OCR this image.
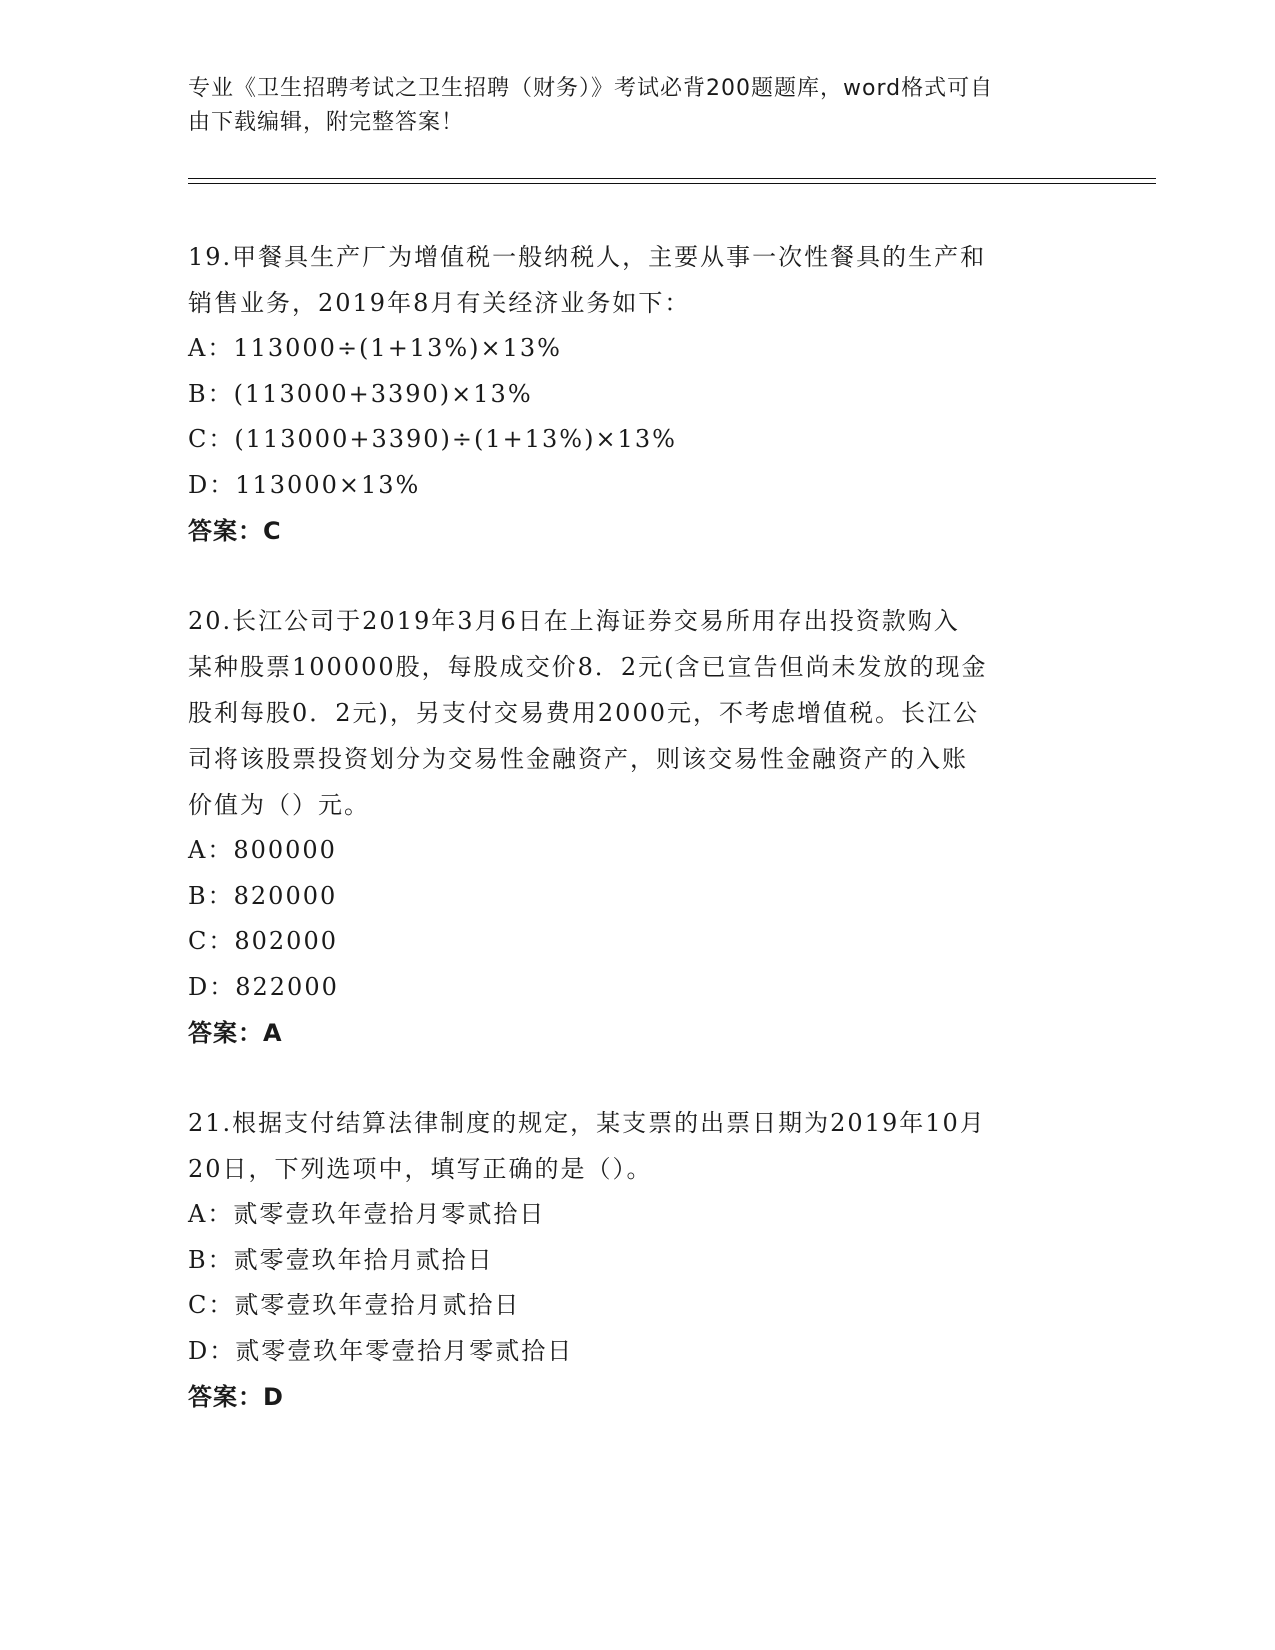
专业《卫生招聘考试之卫生招聘（财务）》考试必背200题题库，word格式可自
由下载编辑，附完整答案！
19.甲餐具生产厂为增值税一般纳税人，主要从事一次性餐具的生产和
销售业务，2019年8月有关经济业务如下：
A：113000÷(1+13%)×13%
B：(113000+3390)×13%
C：(113000+3390)÷(1+13%)×13%
D：113000×13%
答案：C
20.长江公司于2019年3月6日在上海证券交易所用存出投资款购入
某种股票100000股，每股成交价8．2元(含已宣告但尚未发放的现金
股利每股0．2元)，另支付交易费用2000元，不考虑增值税。长江公
司将该股票投资划分为交易性金融资产，则该交易性金融资产的入账
价值为（）元。
A：800000
B：820000
C：802000
D：822000
答案：A
21.根据支付结算法律制度的规定，某支票的出票日期为2019年10月
20日，下列选项中，填写正确的是（）。
A：贰零壹玖年壹拾月零贰拾日
B：贰零壹玖年拾月贰拾日
C：贰零壹玖年壹拾月贰拾日
D：贰零壹玖年零壹拾月零贰拾日
答案：D
